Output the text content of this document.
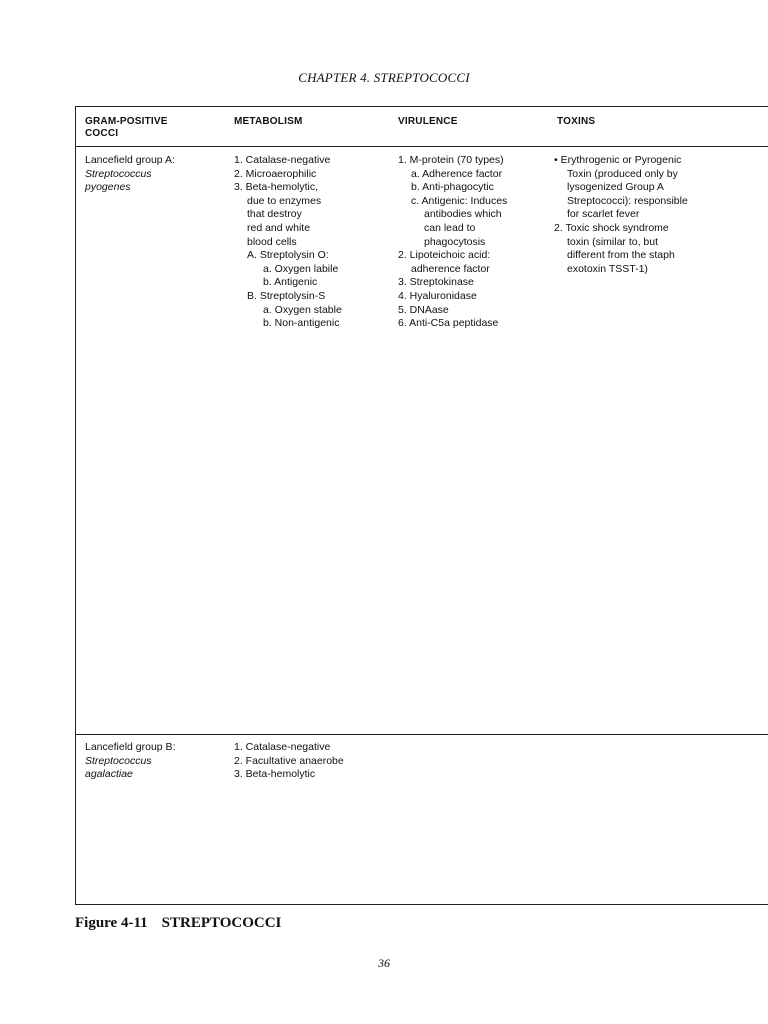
CHAPTER 4. STREPTOCOCCI
GRAM-POSITIVE
COCCI
METABOLISM	VIRULENCE	TOXINS
Lancefield group A:
Streptococcus
pyogenes
1. Catalase-negative
2. Microaerophilic
3. Beta-hemolytic,
due to enzymes
that destroy
red and white
blood cells
A. Streptolysin O:
a. Oxygen labile
b. Antigenic
B. Streptolysin-S
a. Oxygen stable
b. Non-antigenic
1. M-protein (70 types)
a. Adherence factor
b. Anti-phagocytic
c. Antigenic: Induces
antibodies which
can lead to
phagocytosis
2. Lipoteichoic acid:
adherence factor
3. Streptokinase
4. Hyaluronidase
5. DNAase
6. Anti-C5a peptidase
• Erythrogenic or Pyrogenic
Toxin (produced only by
lysogenized Group A
Streptococci): responsible
for scarlet fever
2. Toxic shock syndrome
toxin (similar to, but
different from the staph
exotoxin TSST-1)
Lancefield group B:
Streptococcus
agalactiae
1. Catalase-negative
2. Facultative anaerobe
3. Beta-hemolytic
Figure 4-11 STREPTOCOCCI
36
